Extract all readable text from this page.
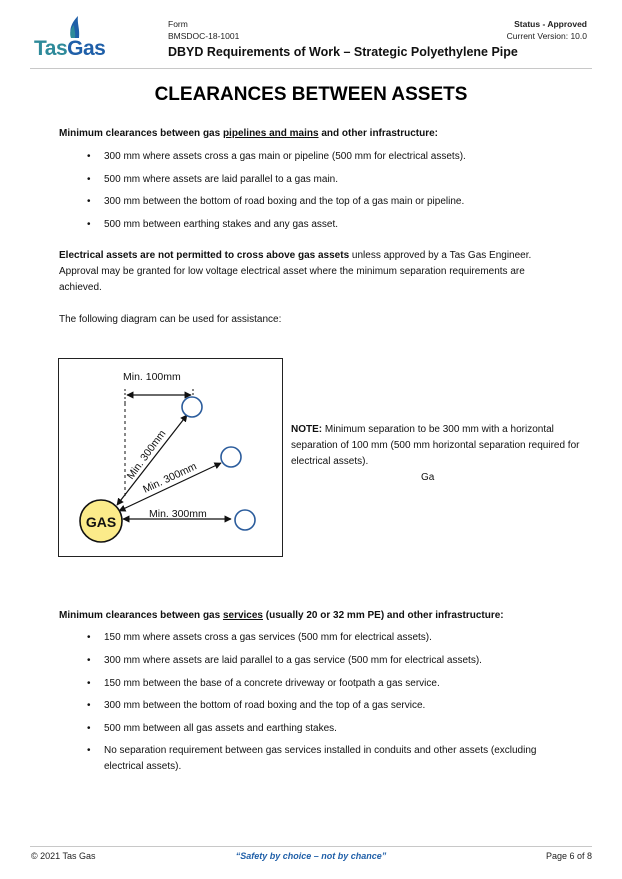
TasGas
Form
BMSDOC-18-1001
Status - Approved
Current Version: 10.0
DBYD Requirements of Work – Strategic Polyethylene Pipe
CLEARANCES BETWEEN ASSETS
Minimum clearances between gas pipelines and mains and other infrastructure:
• 300 mm where assets cross a gas main or pipeline (500 mm for electrical assets).
• 500 mm where assets are laid parallel to a gas main.
• 300 mm between the bottom of road boxing and the top of a gas main or pipeline.
• 500 mm between earthing stakes and any gas asset.
Electrical assets are not permitted to cross above gas assets unless approved by a Tas Gas Engineer. Approval may be granted for low voltage electrical asset where the minimum separation requirements are achieved.
The following diagram can be used for assistance:
Min. 100mm
Min. 300mm
Min. 300mm
Min. 300mm
GAS
NOTE: Minimum separation to be 300 mm with a horizontal separation of 100 mm (500 mm horizontal separation required for electrical assets).
Ga
Minimum clearances between gas services (usually 20 or 32 mm PE) and other infrastructure:
• 150 mm where assets cross a gas services (500 mm for electrical assets).
• 300 mm where assets are laid parallel to a gas service (500 mm for electrical assets).
• 150 mm between the base of a concrete driveway or footpath a gas service.
• 300 mm between the bottom of road boxing and the top of a gas service.
• 500 mm between all gas assets and earthing stakes.
• No separation requirement between gas services installed in conduits and other assets (excluding electrical assets).
© 2021 Tas Gas	“Safety by choice – not by chance”	Page 6 of 8
